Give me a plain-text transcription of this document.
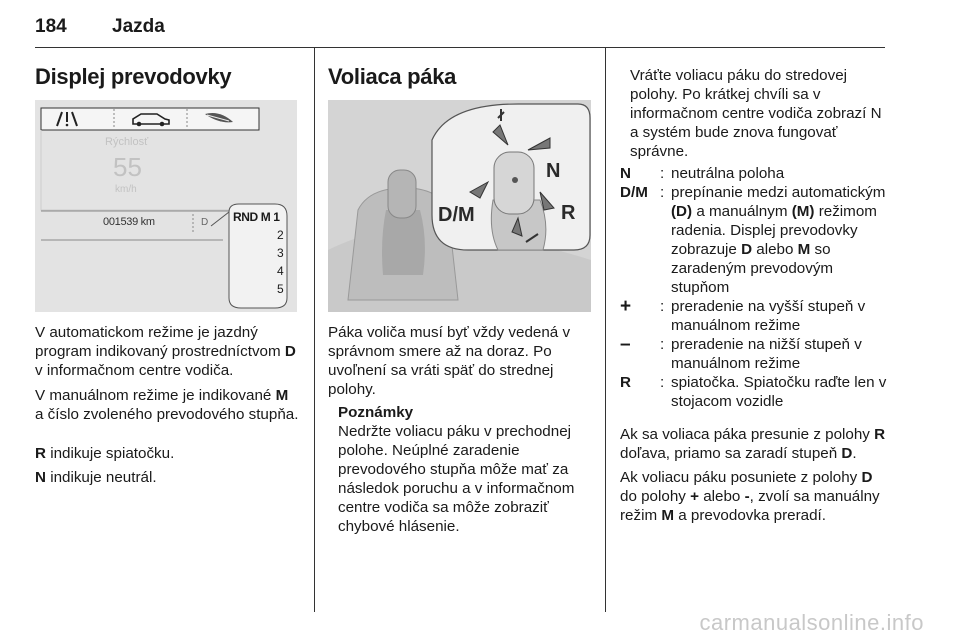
184 Jazda
Displej prevodovky
Rýchlosť
55
km/h
001539 km	D RND M 1
2
3
4
5

V automatickom režime je jazdný program indikovaný prostredníctvom D v informačnom centre vodiča.

V manuálnom režime je indikované M a číslo zvoleného prevodového stupňa.

R indikuje spiatočku.

N indikuje neutrál.

Voliaca páka
D/M
N
R

Páka voliča musí byť vždy vedená v správnom smere až na doraz. Po uvoľnení sa vráti späť do strednej polohy.

Poznámky

Nedržte voliacu páku v prechodnej polohe. Neúplné zaradenie prevodového stupňa môže mať za následok poruchu a v informačnom centre vodiča sa môže zobraziť chybové hlásenie.

Vráťte voliacu páku do stredovej polohy. Po krátkej chvíli sa v informačnom centre vodiča zobrazí N a systém bude znova fungovať správne.

N	: neutrálna poloha
D/M : prepínanie medzi automatickým (D) a manuálnym (M) režimom radenia. Displej prevodovky zobrazuje D alebo M so zaradeným prevodovým stupňom
+	: preradenie na vyšší stupeň v manuálnom režime
–	: preradenie na nižší stupeň v manuálnom režime
R	: spiatočka. Spiatočku raďte len v stojacom vozidle

Ak sa voliaca páka presunie z polohy R doľava, priamo sa zaradí stupeň D.

Ak voliacu páku posuniete z polohy D do polohy + alebo -, zvolí sa manuálny režim M a prevodovka preradí.

carmanualsonline.info
